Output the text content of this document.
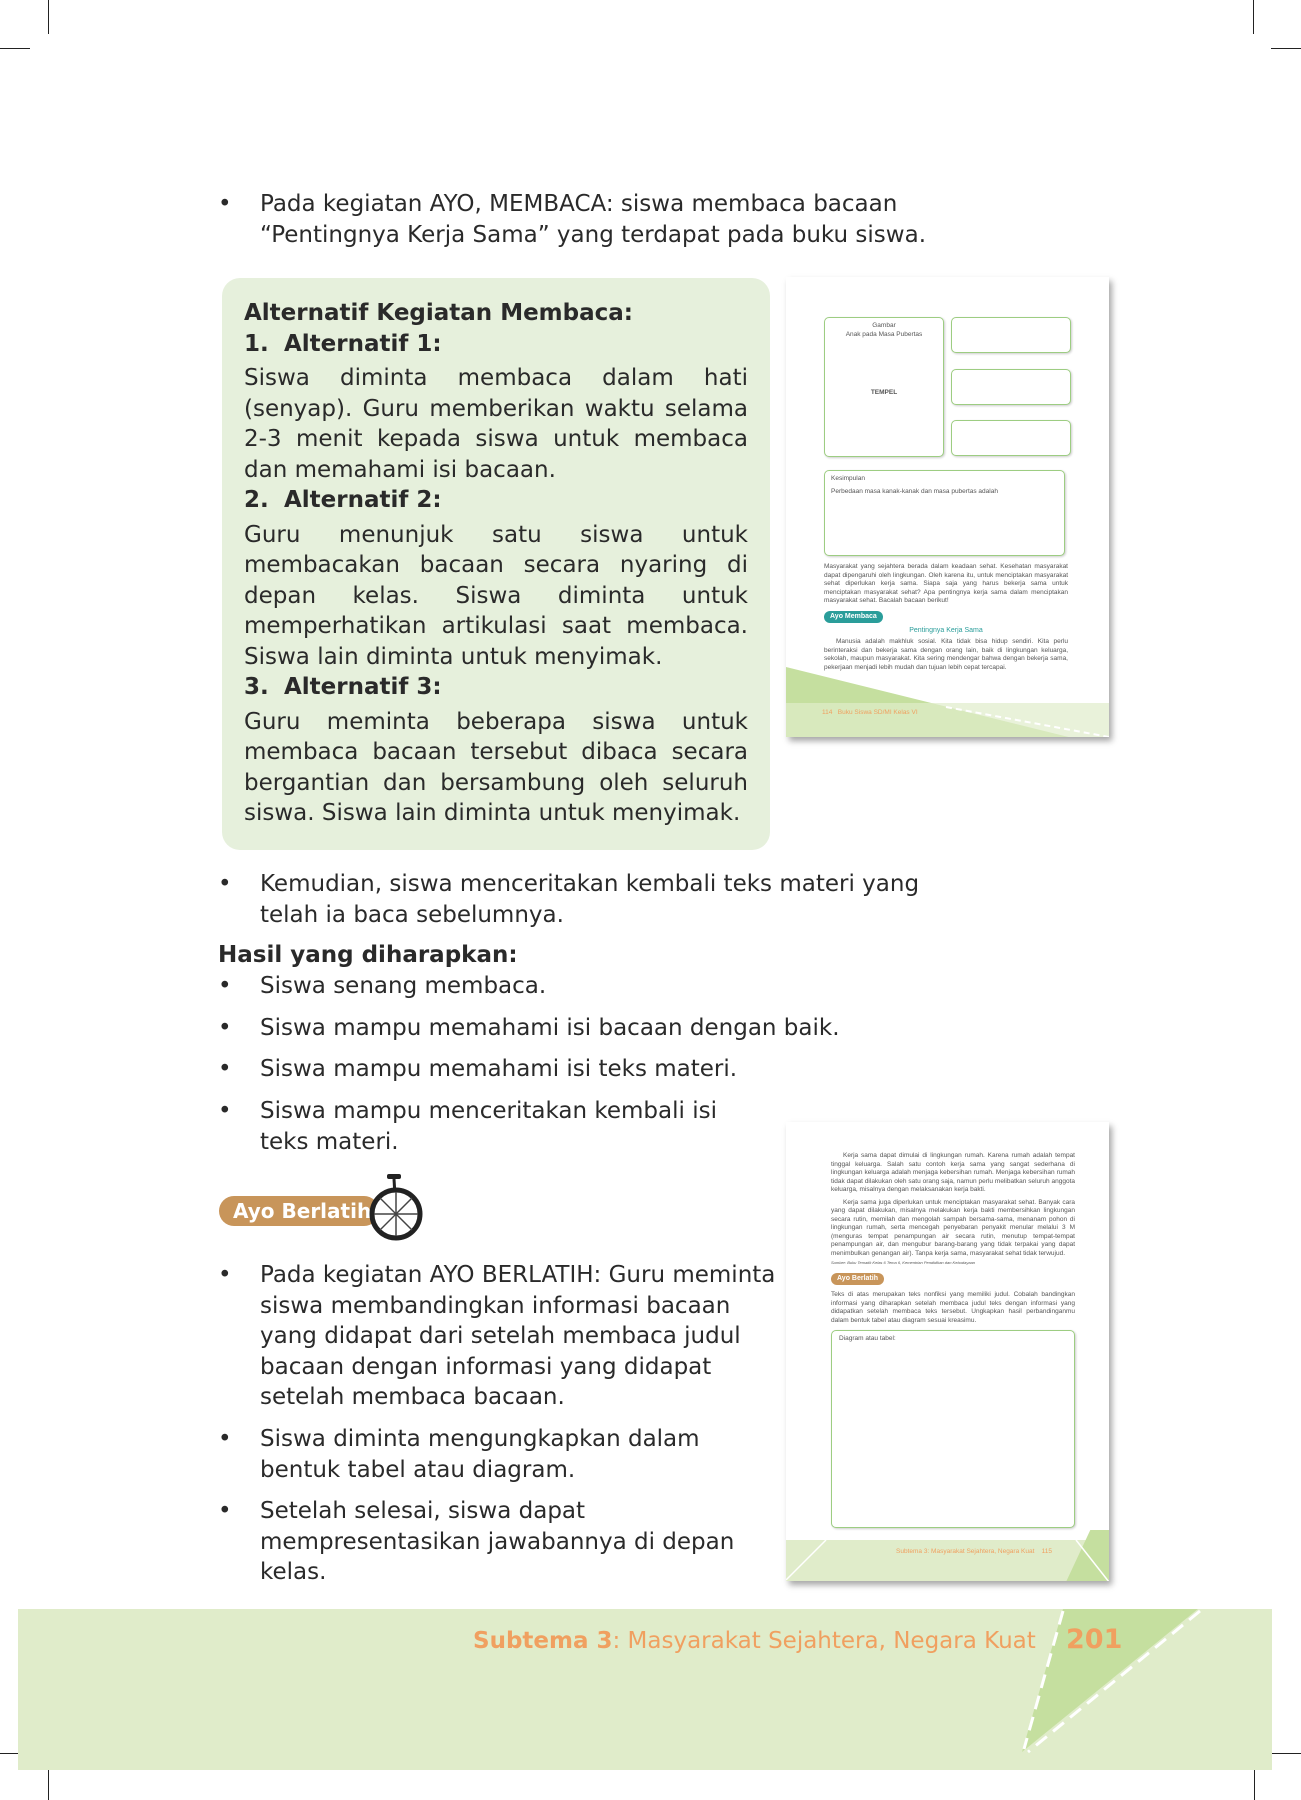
• Pada kegiatan AYO, MEMBACA: siswa membaca bacaan “Pentingnya Kerja Sama” yang terdapat pada buku siswa.
Alternatif Kegiatan Membaca:
1. Alternatif 1:

Siswa diminta membaca dalam hati (senyap). Guru memberikan waktu selama 2-3 menit kepada siswa untuk membaca dan memahami isi bacaan.

2. Alternatif 2:

Guru menunjuk satu siswa untuk membacakan bacaan secara nyaring di depan kelas. Siswa diminta untuk memperhatikan artikulasi saat membaca. Siswa lain diminta untuk menyimak.

3. Alternatif 3:

Guru meminta beberapa siswa untuk membaca bacaan tersebut dibaca secara bergantian dan bersambung oleh seluruh siswa. Siswa lain diminta untuk menyimak.

Gambar
Anak pada Masa Pubertas
TEMPEL
Kesimpulan
Perbedaan masa kanak-kanak dan masa pubertas adalah
Masyarakat yang sejahtera berada dalam keadaan sehat. Kesehatan masyarakat dapat dipengaruhi oleh lingkungan. Oleh karena itu, untuk menciptakan masyarakat sehat diperlukan kerja sama. Siapa saja yang harus bekerja sama untuk menciptakan masyarakat sehat? Apa pentingnya kerja sama dalam menciptakan masyarakat sehat. Bacalah bacaan berikut!
Ayo Membaca
Pentingnya Kerja Sama
Manusia adalah makhluk sosial. Kita tidak bisa hidup sendiri. Kita perlu berinteraksi dan bekerja sama dengan orang lain, baik di lingkungan keluarga, sekolah, maupun masyarakat. Kita sering mendengar bahwa dengan bekerja sama, pekerjaan menjadi lebih mudah dan tujuan lebih cepat tercapai.
114 Buku Siswa SD/MI Kelas VI
• Kemudian, siswa menceritakan kembali teks materi yang telah ia baca sebelumnya.
Hasil yang diharapkan:
• Siswa senang membaca.
• Siswa mampu memahami isi bacaan dengan baik.
• Siswa mampu memahami isi teks materi.
• Siswa mampu menceritakan kembali isi teks materi.
Ayo Berlatih
• Pada kegiatan AYO BERLATIH: Guru meminta siswa membandingkan informasi bacaan yang didapat dari setelah membaca judul bacaan dengan informasi yang didapat setelah membaca bacaan.
• Siswa diminta mengungkapkan dalam bentuk tabel atau diagram.
• Setelah selesai, siswa dapat mempresentasikan jawabannya di depan kelas.
Kerja sama dapat dimulai di lingkungan rumah. Karena rumah adalah tempat tinggal keluarga. Salah satu contoh kerja sama yang sangat sederhana di lingkungan keluarga adalah menjaga kebersihan rumah. Menjaga kebersihan rumah tidak dapat dilakukan oleh satu orang saja, namun perlu melibatkan seluruh anggota keluarga, misalnya dengan melaksanakan kerja bakti.
Kerja sama juga diperlukan untuk menciptakan masyarakat sehat. Banyak cara yang dapat dilakukan, misalnya melakukan kerja bakti membersihkan lingkungan secara rutin, memilah dan mengolah sampah bersama-sama, menanam pohon di lingkungan rumah, serta mencegah penyebaran penyakit menular melalui 3 M (menguras tempat penampungan air secara rutin, menutup tempat-tempat penampungan air, dan mengubur barang-barang yang tidak terpakai yang dapat menimbulkan genangan air). Tanpa kerja sama, masyarakat sehat tidak terwujud.
Sumber: Buku Tematik Kelas 6 Tema 6, Kementrian Pendidikan dan Kebudayaan
Ayo Berlatih
Teks di atas merupakan teks nonfiksi yang memiliki judul. Cobalah bandingkan informasi yang diharapkan setelah membaca judul teks dengan informasi yang didapatkan setelah membaca teks tersebut. Ungkapkan hasil perbandinganmu dalam bentuk tabel atau diagram sesuai kreasimu.
Diagram atau tabel:
Subtema 3: Masyarakat Sejahtera, Negara Kuat 115
Subtema 3: Masyarakat Sejahtera, Negara Kuat 201
